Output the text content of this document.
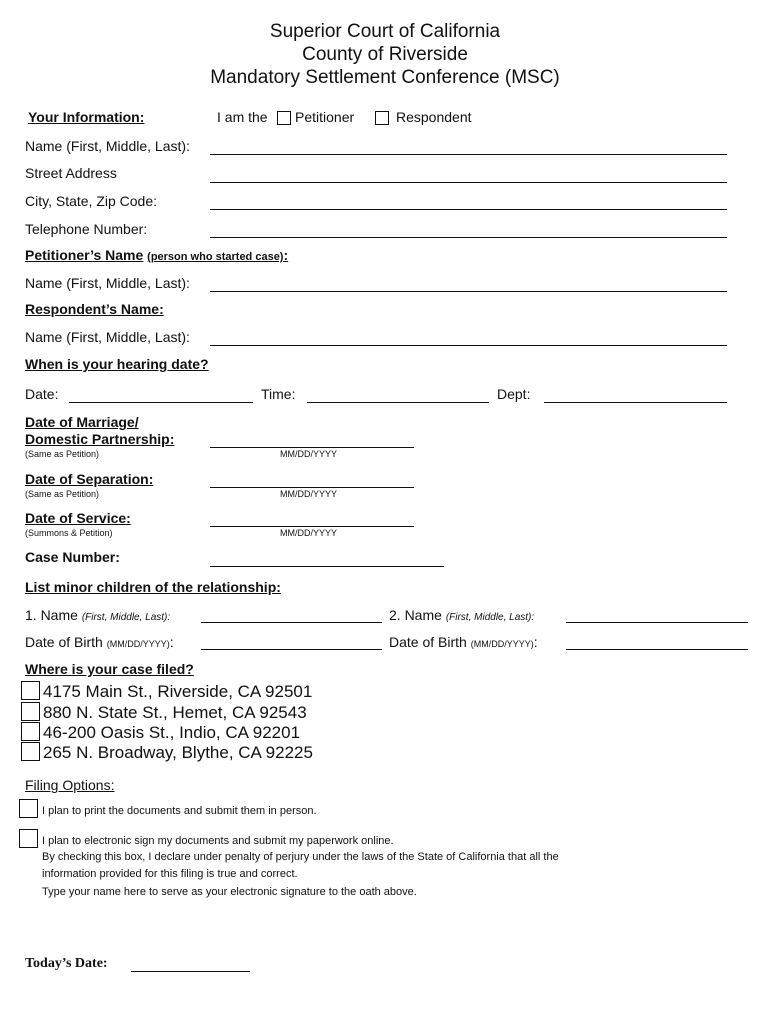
Superior Court of California
County of Riverside
Mandatory Settlement Conference (MSC)
Your Information:	I am the Petitioner	Respondent
Name (First, Middle, Last):
Street Address
City, State, Zip Code:
Telephone Number:
Petitioner’s Name (person who started case):
Name (First, Middle, Last):
Respondent’s Name:
Name (First, Middle, Last):
When is your hearing date?
Date:	Time:	Dept:
Date of Marriage/
Domestic Partnership:
(Same as Petition)	MM/DD/YYYY
Date of Separation:
(Same as Petition)	MM/DD/YYYY
Date of Service:
(Summons & Petition)	MM/DD/YYYY
Case Number:
List minor children of the relationship:
1. Name (First, Middle, Last):	2. Name (First, Middle, Last):
Date of Birth (MM/DD/YYYY):	Date of Birth (MM/DD/YYYY):
Where is your case filed?
4175 Main St., Riverside, CA 92501
880 N. State St., Hemet, CA 92543
46-200 Oasis St., Indio, CA 92201
265 N. Broadway, Blythe, CA 92225
Filing Options:
I plan to print the documents and submit them in person.
I plan to electronic sign my documents and submit my paperwork online.
By checking this box, I declare under penalty of perjury under the laws of the State of California that all the
information provided for this filing is true and correct.
Type your name here to serve as your electronic signature to the oath above.
Today’s Date:
